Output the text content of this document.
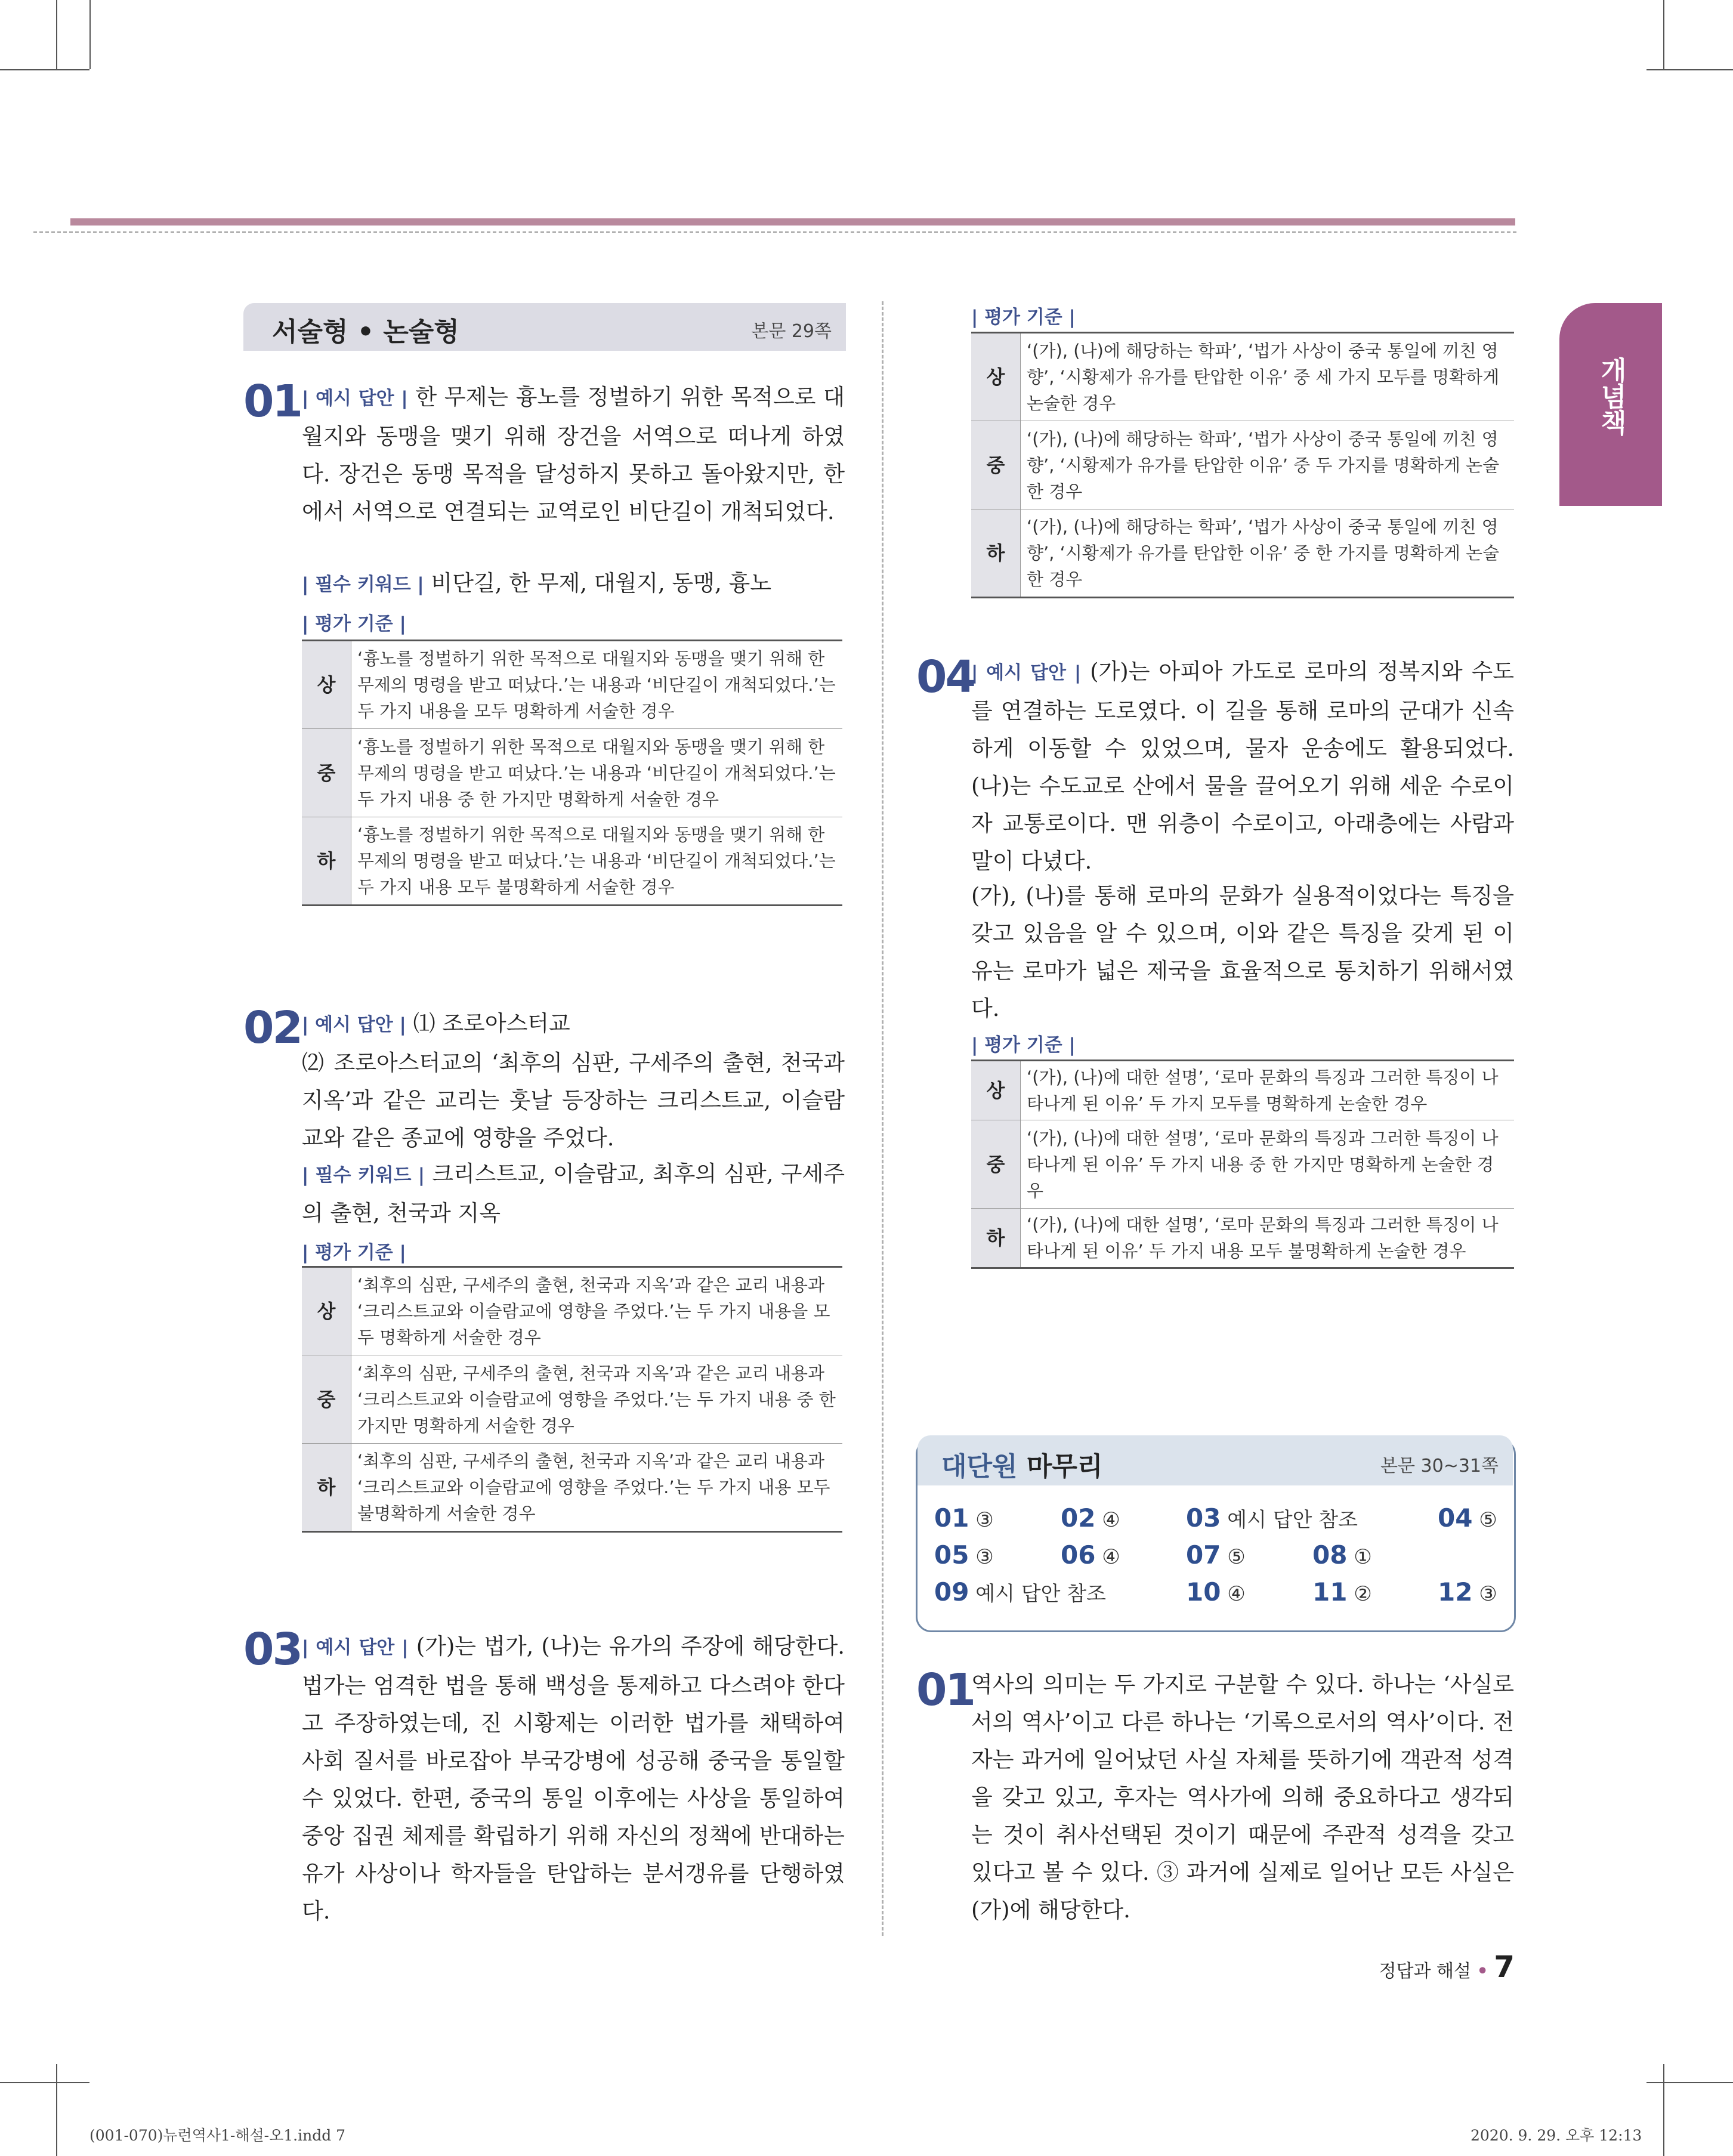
개념책
서술형 • 논술형	본문 29쪽
01 | 예시 답안 | 한 무제는 흉노를 정벌하기 위한 목적으로 대월지와 동맹을 맺기 위해 장건을 서역으로 떠나게 하였다. 장건은 동맹 목적을 달성하지 못하고 돌아왔지만, 한에서 서역으로 연결되는 교역로인 비단길이 개척되었다.

| 필수 키워드 | 비단길, 한 무제, 대월지, 동맹, 흉노

| 평가 기준 |
상	‘흉노를 정벌하기 위한 목적으로 대월지와 동맹을 맺기 위해 한 무제의 명령을 받고 떠났다.’는 내용과 ‘비단길이 개척되었다.’는 두 가지 내용을 모두 명확하게 서술한 경우
중	‘흉노를 정벌하기 위한 목적으로 대월지와 동맹을 맺기 위해 한 무제의 명령을 받고 떠났다.’는 내용과 ‘비단길이 개척되었다.’는 두 가지 내용 중 한 가지만 명확하게 서술한 경우
하	‘흉노를 정벌하기 위한 목적으로 대월지와 동맹을 맺기 위해 한 무제의 명령을 받고 떠났다.’는 내용과 ‘비단길이 개척되었다.’는 두 가지 내용 모두 불명확하게 서술한 경우
02 | 예시 답안 | ⑴ 조로아스터교
⑵ 조로아스터교의 ‘최후의 심판, 구세주의 출현, 천국과 지옥’과 같은 교리는 훗날 등장하는 크리스트교, 이슬람교와 같은 종교에 영향을 주었다.

| 필수 키워드 | 크리스트교, 이슬람교, 최후의 심판, 구세주의 출현, 천국과 지옥

| 평가 기준 |
상	‘최후의 심판, 구세주의 출현, 천국과 지옥’과 같은 교리 내용과 ‘크리스트교와 이슬람교에 영향을 주었다.’는 두 가지 내용을 모두 명확하게 서술한 경우
중	‘최후의 심판, 구세주의 출현, 천국과 지옥’과 같은 교리 내용과 ‘크리스트교와 이슬람교에 영향을 주었다.’는 두 가지 내용 중 한 가지만 명확하게 서술한 경우
하	‘최후의 심판, 구세주의 출현, 천국과 지옥’과 같은 교리 내용과 ‘크리스트교와 이슬람교에 영향을 주었다.’는 두 가지 내용 모두 불명확하게 서술한 경우
03 | 예시 답안 | (가)는 법가, (나)는 유가의 주장에 해당한다. 법가는 엄격한 법을 통해 백성을 통제하고 다스려야 한다고 주장하였는데, 진 시황제는 이러한 법가를 채택하여 사회 질서를 바로잡아 부국강병에 성공해 중국을 통일할 수 있었다. 한편, 중국의 통일 이후에는 사상을 통일하여 중앙 집권 체제를 확립하기 위해 자신의 정책에 반대하는 유가 사상이나 학자들을 탄압하는 분서갱유를 단행하였다.

| 평가 기준 |
상	‘(가), (나)에 해당하는 학파’, ‘법가 사상이 중국 통일에 끼친 영향’, ‘시황제가 유가를 탄압한 이유’ 중 세 가지 모두를 명확하게 논술한 경우
중	‘(가), (나)에 해당하는 학파’, ‘법가 사상이 중국 통일에 끼친 영향’, ‘시황제가 유가를 탄압한 이유’ 중 두 가지를 명확하게 논술한 경우
하	‘(가), (나)에 해당하는 학파’, ‘법가 사상이 중국 통일에 끼친 영향’, ‘시황제가 유가를 탄압한 이유’ 중 한 가지를 명확하게 논술한 경우
04

| 예시 답안 | (가)는 아피아 가도로 로마의 정복지와 수도를 연결하는 도로였다. 이 길을 통해 로마의 군대가 신속하게 이동할 수 있었으며, 물자 운송에도 활용되었다. (나)는 수도교로 산에서 물을 끌어오기 위해 세운 수로이자 교통로이다. 맨 위층이 수로이고, 아래층에는 사람과 말이 다녔다.

(가), (나)를 통해 로마의 문화가 실용적이었다는 특징을 갖고 있음을 알 수 있으며, 이와 같은 특징을 갖게 된 이유는 로마가 넓은 제국을 효율적으로 통치하기 위해서였다.

| 평가 기준 |
상	‘(가), (나)에 대한 설명’, ‘로마 문화의 특징과 그러한 특징이 나타나게 된 이유’ 두 가지 모두를 명확하게 논술한 경우
중	‘(가), (나)에 대한 설명’, ‘로마 문화의 특징과 그러한 특징이 나타나게 된 이유’ 두 가지 내용 중 한 가지만 명확하게 논술한 경우
하	‘(가), (나)에 대한 설명’, ‘로마 문화의 특징과 그러한 특징이 나타나게 된 이유’ 두 가지 내용 모두 불명확하게 논술한 경우
대단원 마무리	본문 30~31쪽
01 ③	02 ④	03 예시 답안 참조	04 ⑤
05 ③	06 ④	07 ⑤	08 ①
09 예시 답안 참조	10 ④	11 ②	12 ③
01

역사의 의미는 두 가지로 구분할 수 있다. 하나는 ‘사실로서의 역사’이고 다른 하나는 ‘기록으로서의 역사’이다. 전자는 과거에 일어났던 사실 자체를 뜻하기에 객관적 성격을 갖고 있고, 후자는 역사가에 의해 중요하다고 생각되는 것이 취사선택된 것이기 때문에 주관적 성격을 갖고 있다고 볼 수 있다. ③ 과거에 실제로 일어난 모든 사실은 (가)에 해당한다.

정답과 해설 • 7
(001-070)뉴런역사1-해설-오1.indd 7	2020. 9. 29. 오후 12:13
